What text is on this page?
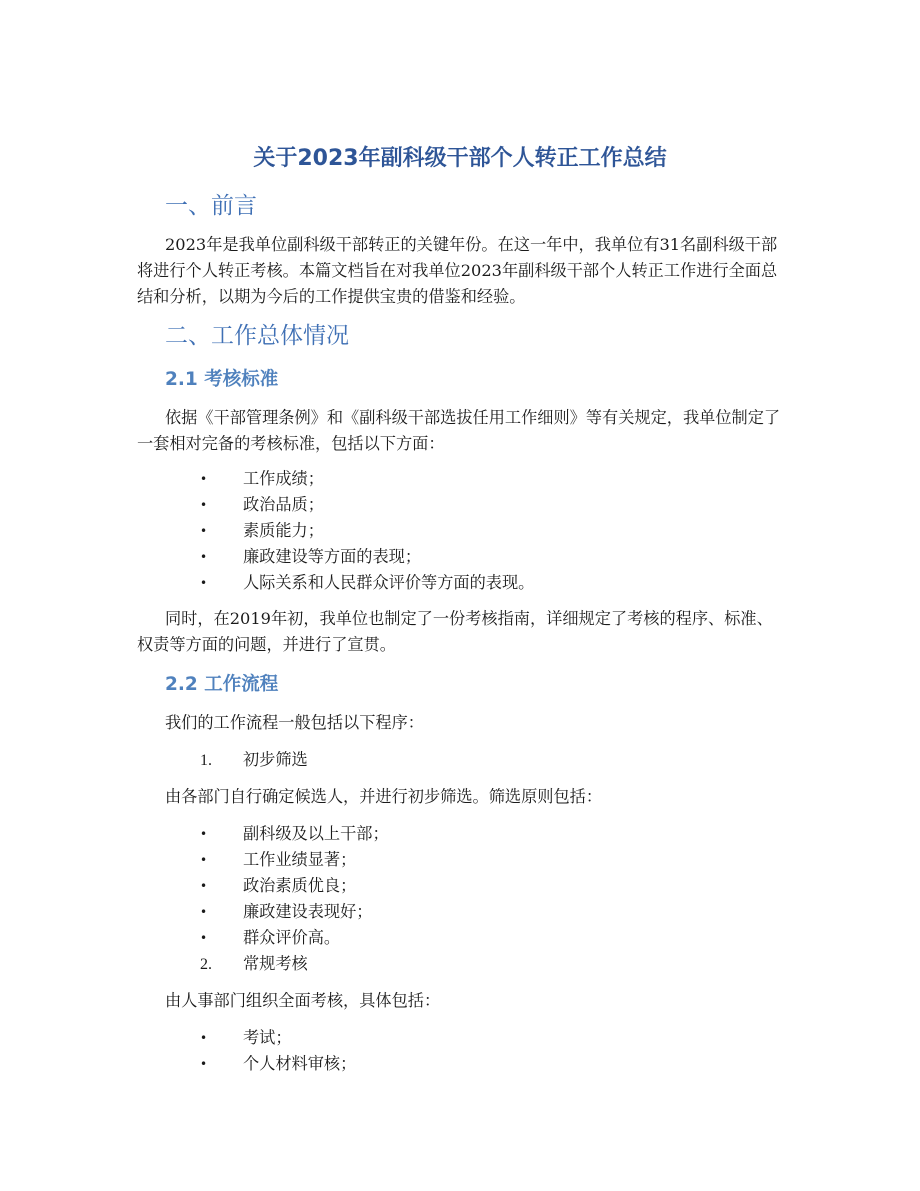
关于2023年副科级干部个人转正工作总结
一、前言

2023年是我单位副科级干部转正的关键年份。在这一年中，我单位有31名副科级干部将进行个人转正考核。本篇文档旨在对我单位2023年副科级干部个人转正工作进行全面总结和分析，以期为今后的工作提供宝贵的借鉴和经验。

二、工作总体情况
2.1 考核标准

依据《干部管理条例》和《副科级干部选拔任用工作细则》等有关规定，我单位制定了一套相对完备的考核标准，包括以下方面：

• 工作成绩；
• 政治品质；
• 素质能力；
• 廉政建设等方面的表现；
• 人际关系和人民群众评价等方面的表现。

同时，在2019年初，我单位也制定了一份考核指南，详细规定了考核的程序、标准、权责等方面的问题，并进行了宣贯。

2.2 工作流程

我们的工作流程一般包括以下程序：

1. 初步筛选

由各部门自行确定候选人，并进行初步筛选。筛选原则包括：

• 副科级及以上干部；
• 工作业绩显著；
• 政治素质优良；
• 廉政建设表现好；
• 群众评价高。
2. 常规考核

由人事部门组织全面考核，具体包括：

• 考试；
• 个人材料审核；
